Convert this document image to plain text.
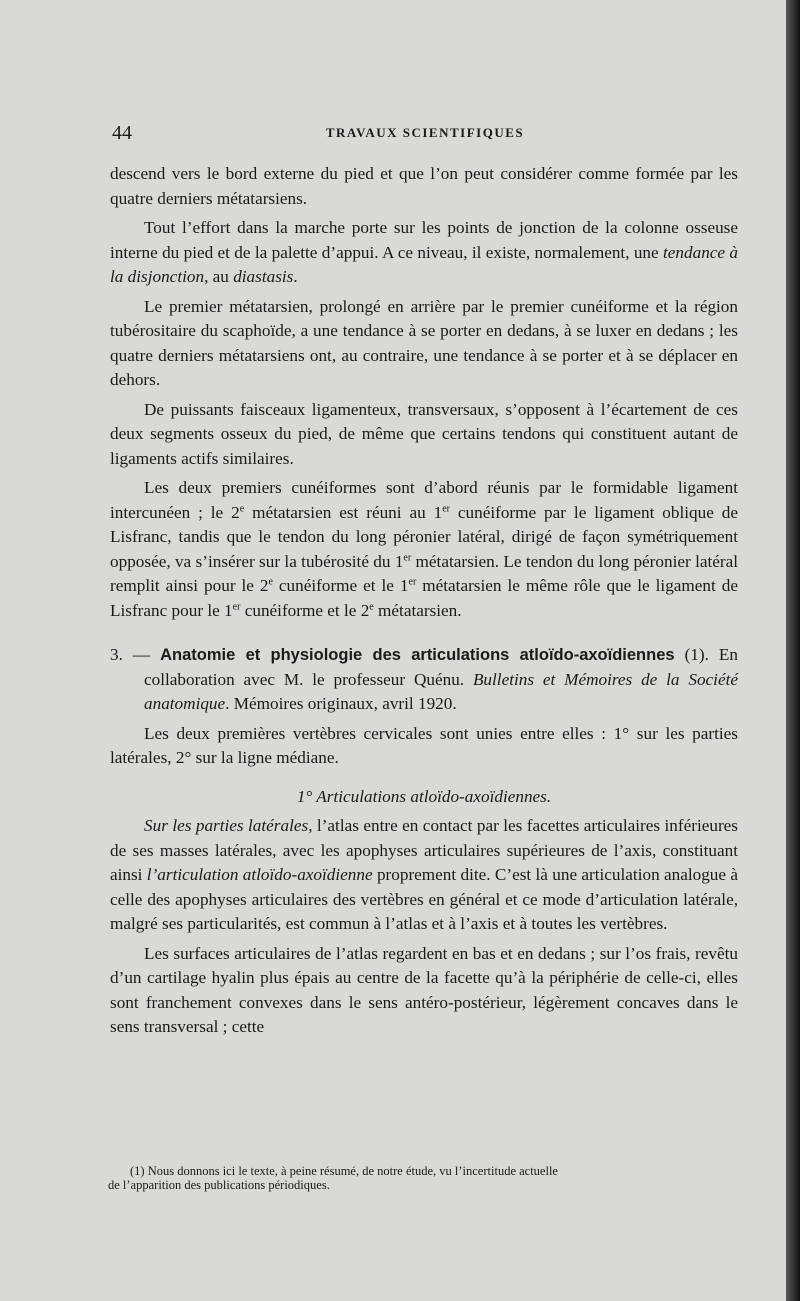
44	TRAVAUX SCIENTIFIQUES

descend vers le bord externe du pied et que l’on peut considérer comme formée par les quatre derniers métatarsiens.

Tout l’effort dans la marche porte sur les points de jonction de la colonne osseuse interne du pied et de la palette d’appui. A ce niveau, il existe, normalement, une tendance à la disjonction, au diastasis.

Le premier métatarsien, prolongé en arrière par le premier cunéiforme et la région tubérositaire du scaphoïde, a une tendance à se porter en dedans, à se luxer en dedans ; les quatre derniers métatarsiens ont, au contraire, une tendance à se porter et à se déplacer en dehors.

De puissants faisceaux ligamenteux, transversaux, s’opposent à l’écartement de ces deux segments osseux du pied, de même que certains tendons qui constituent autant de ligaments actifs similaires.

Les deux premiers cunéiformes sont d’abord réunis par le formidable ligament intercunéen ; le 2e métatarsien est réuni au 1er cunéiforme par le ligament oblique de Lisfranc, tandis que le tendon du long péronier latéral, dirigé de façon symétriquement opposée, va s’insérer sur la tubérosité du 1er métatarsien. Le tendon du long péronier latéral remplit ainsi pour le 2e cunéiforme et le 1er métatarsien le même rôle que le ligament de Lisfranc pour le 1er cunéiforme et le 2e métatarsien.

3. — Anatomie et physiologie des articulations atloïdo-axoïdiennes (1). En collaboration avec M. le professeur Quénu. Bulletins et Mémoires de la Société anatomique. Mémoires originaux, avril 1920.

Les deux premières vertèbres cervicales sont unies entre elles : 1° sur les parties latérales, 2° sur la ligne médiane.

1° Articulations atloïdo-axoïdiennes.

Sur les parties latérales, l’atlas entre en contact par les facettes articulaires inférieures de ses masses latérales, avec les apophyses articulaires supérieures de l’axis, constituant ainsi l’articulation atloïdo-axoïdienne proprement dite. C’est là une articulation analogue à celle des apophyses articulaires des vertèbres en général et ce mode d’articulation latérale, malgré ses particularités, est commun à l’atlas et à l’axis et à toutes les vertèbres.

Les surfaces articulaires de l’atlas regardent en bas et en dedans ; sur l’os frais, revêtu d’un cartilage hyalin plus épais au centre de la facette qu’à la périphérie de celle-ci, elles sont franchement convexes dans le sens antéro-postérieur, légèrement concaves dans le sens transversal ; cette

(1) Nous donnons ici le texte, à peine résumé, de notre étude, vu l’incertitude actuelle
de l’apparition des publications périodiques.
